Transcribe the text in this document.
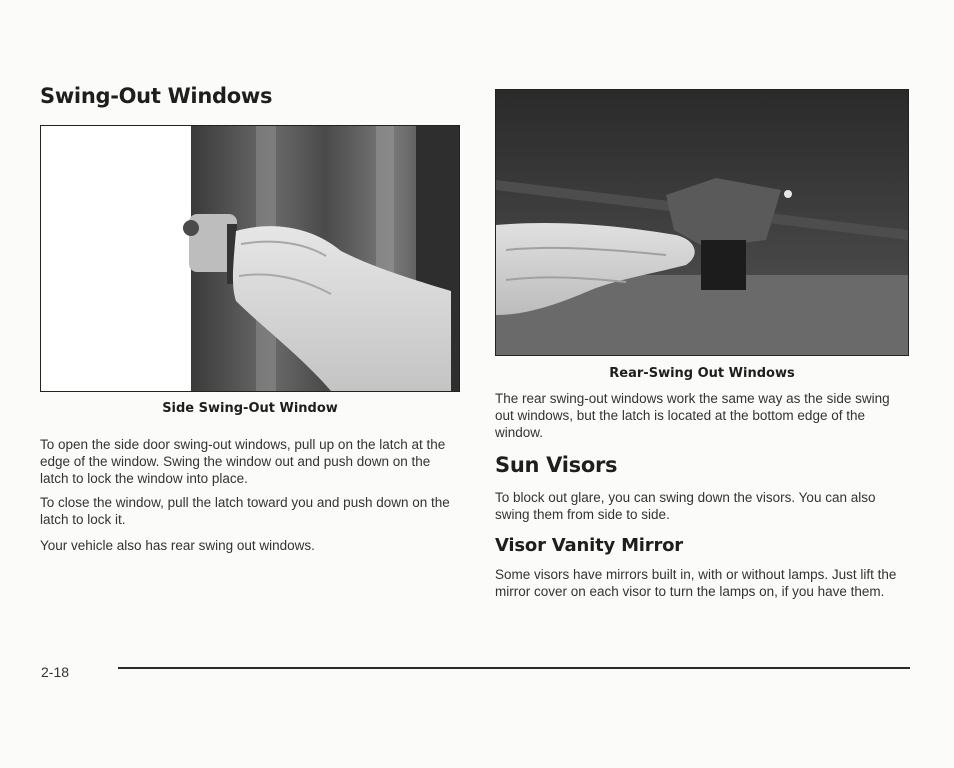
Swing-Out Windows
Side Swing-Out Window

To open the side door swing-out windows, pull up on the latch at the edge of the window. Swing the window out and push down on the latch to lock the window into place.

To close the window, pull the latch toward you and push down on the latch to lock it.

Your vehicle also has rear swing out windows.

Rear-Swing Out Windows

The rear swing-out windows work the same way as the side swing out windows, but the latch is located at the bottom edge of the window.

Sun Visors

To block out glare, you can swing down the visors. You can also swing them from side to side.

Visor Vanity Mirror

Some visors have mirrors built in, with or without lamps. Just lift the mirror cover on each visor to turn the lamps on, if you have them.

2-18
